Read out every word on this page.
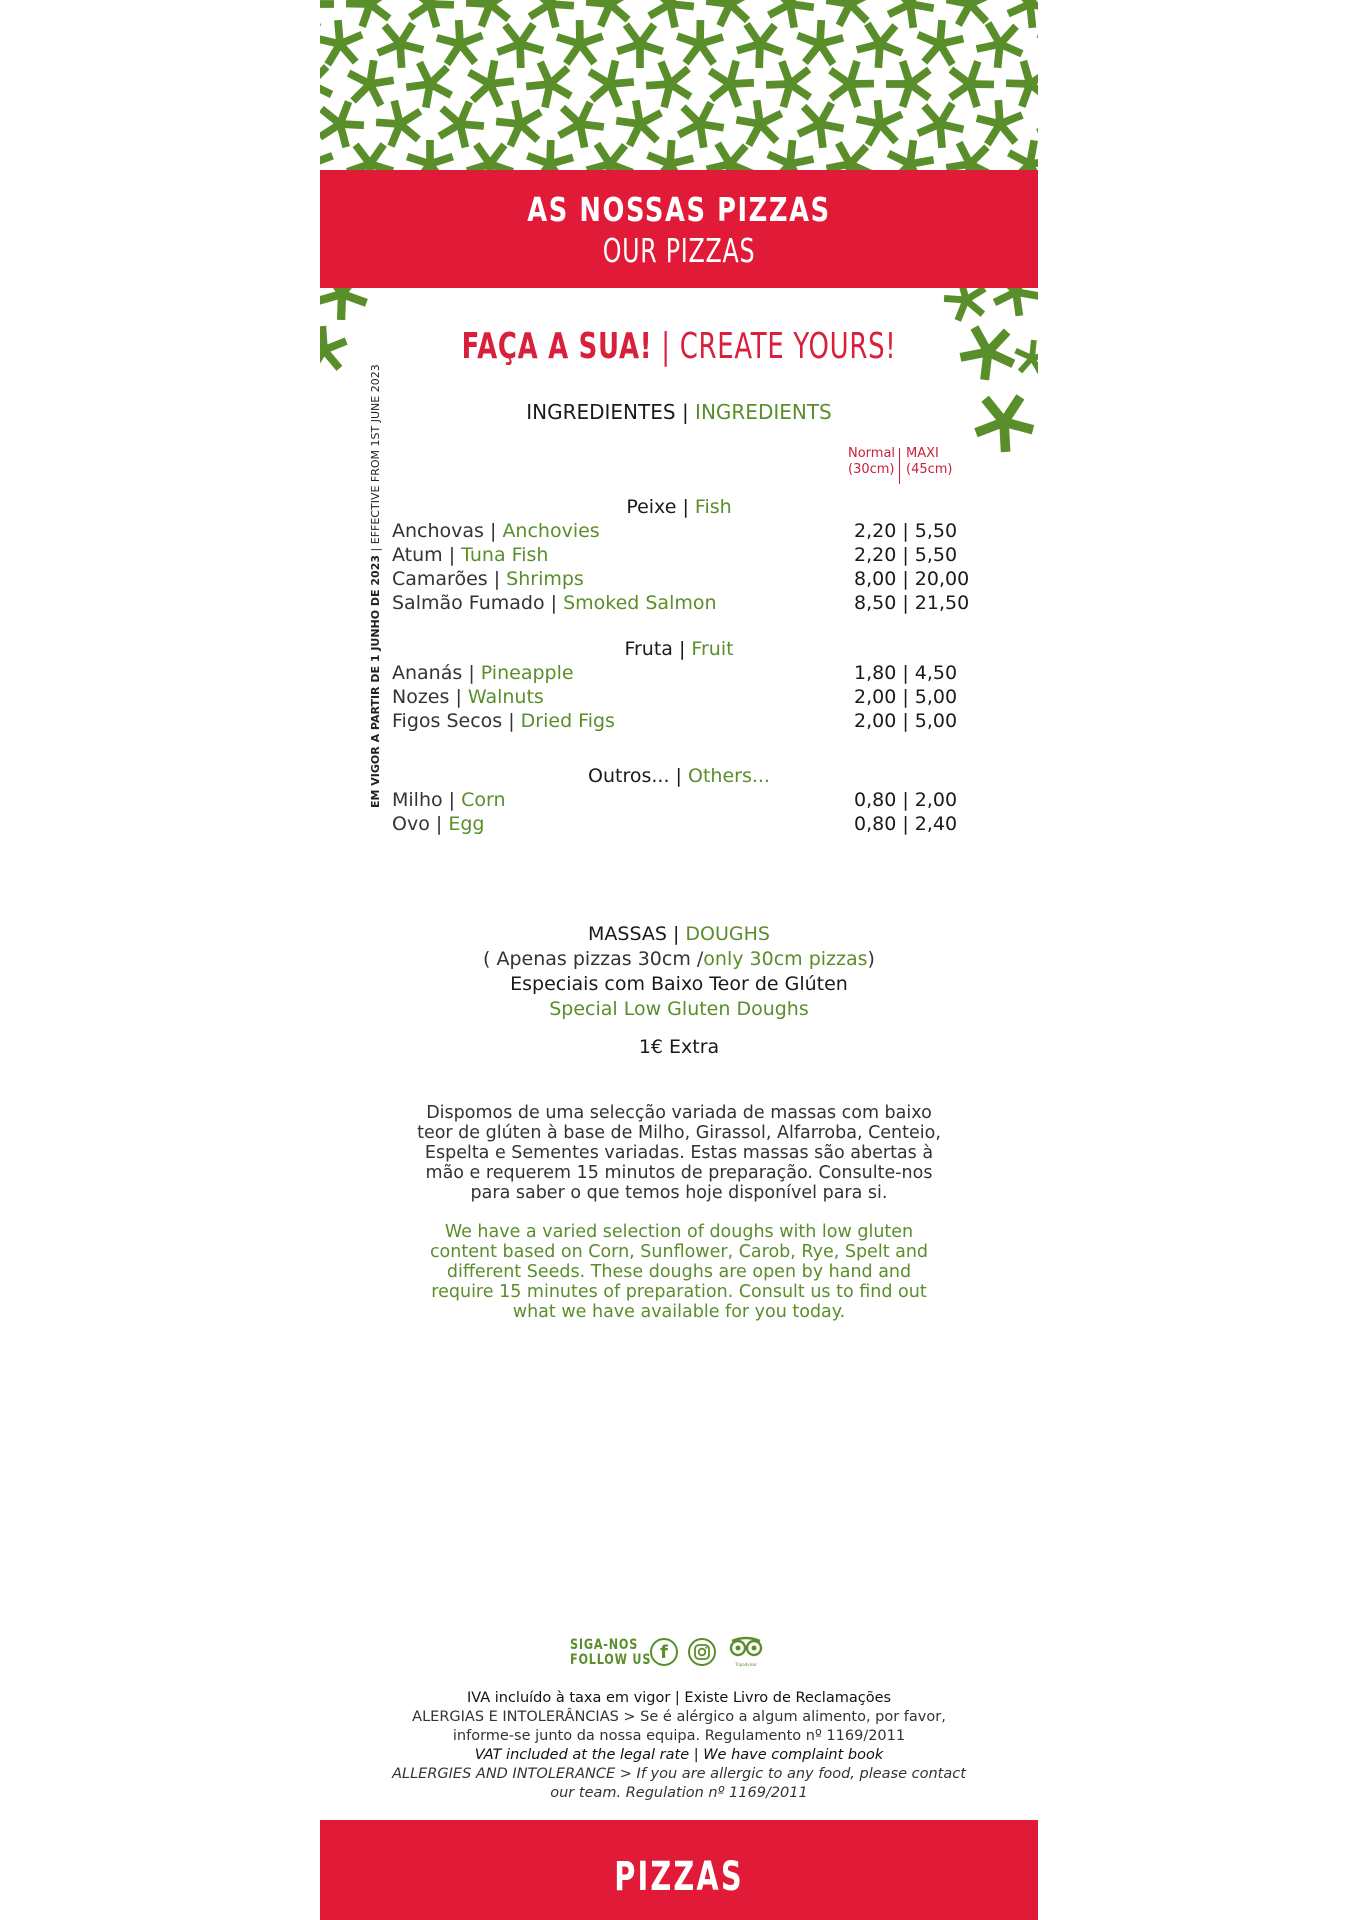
AS NOSSAS PIZZAS
OUR PIZZAS
FAÇA A SUA! | CREATE YOURS!
INGREDIENTES | INGREDIENTS
Normal
(30cm)
MAXI
(45cm)
EM VIGOR A PARTIR DE 1 JUNHO DE 2023 | EFFECTIVE FROM 1ST JUNE 2023	Peixe | Fish
Anchovas | Anchovies	2,20 | 5,50
Atum | Tuna Fish	2,20 | 5,50
Camarões | Shrimps	8,00 | 20,00
Salmão Fumado | Smoked Salmon	8,50 | 21,50
Fruta | Fruit
Ananás | Pineapple	1,80 | 4,50
Nozes | Walnuts	2,00 | 5,00
Figos Secos | Dried Figs	2,00 | 5,00
Outros... | Others...
Milho | Corn	0,80 | 2,00
Ovo | Egg	0,80 | 2,40
MASSAS | DOUGHS
( Apenas pizzas 30cm /only 30cm pizzas)
Especiais com Baixo Teor de Glúten
Special Low Gluten Doughs
1€ Extra
Dispomos de uma selecção variada de massas com baixo
teor de glúten à base de Milho, Girassol, Alfarroba, Centeio,
Espelta e Sementes variadas. Estas massas são abertas à
mão e requerem 15 minutos de preparação. Consulte-nos
para saber o que temos hoje disponível para si.
We have a varied selection of doughs with low gluten
content based on Corn, Sunflower, Carob, Rye, Spelt and
different Seeds. These doughs are open by hand and
require 15 minutes of preparation. Consult us to find out
what we have available for you today.
SIGA-NOS
FOLLOW US f
Tripadvisor
IVA incluído à taxa em vigor | Existe Livro de Reclamações
ALERGIAS E INTOLERÂNCIAS > Se é alérgico a algum alimento, por favor,
informe-se junto da nossa equipa. Regulamento nº 1169/2011
VAT included at the legal rate | We have complaint book
ALLERGIES AND INTOLERANCE > If you are allergic to any food, please contact
our team. Regulation nº 1169/2011
PIZZAS
